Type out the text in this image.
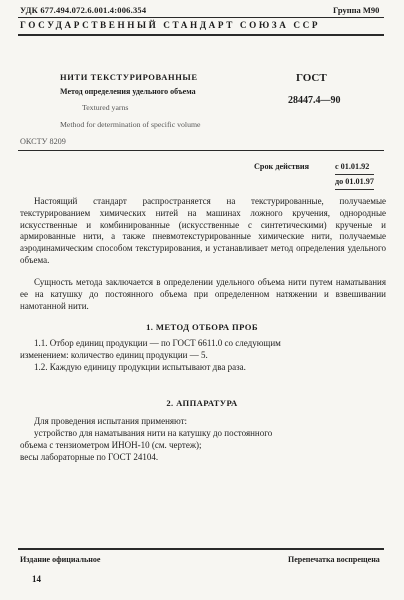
УДК 677.494.072.6.001.4:006.354	Группа М90
ГОСУДАРСТВЕННЫЙ СТАНДАРТ СОЮЗА ССР
НИТИ ТЕКСТУРИРОВАННЫЕ
Метод определения удельного объема
Textured yarns
Method for determination of specific volume
ГОСТ
28447.4—90
ОКСТУ 8209
Срок действия	с 01.01.92
до 01.01.97
Настоящий стандарт распространяется на текстурированные, получаемые текстурированием химических нитей на машинах ложного кручения, однородные искусственные и комбинированные (искусственные с синтетическими) крученые и армированные нити, а также пневмотекстурированные химические нити, получаемые аэродинамическим способом текстурирования, и устанавливает метод определения удельного объема.
Сущность метода заключается в определении удельного объема нити путем наматывания ее на катушку до постоянного объема при определенном натяжении и взвешивании намотанной нити.
1. МЕТОД ОТБОРА ПРОБ
1.1. Отбор единиц продукции — по ГОСТ 6611.0 со следующим
изменением: количество единиц продукции — 5.
1.2. Каждую единицу продукции испытывают два раза.
2. АППАРАТУРА
Для проведения испытания применяют:
устройство для наматывания нити на катушку до постоянного
объема с тензиометром ИНОН-10 (см. чертеж);
весы лабораторные по ГОСТ 24104.
Издание официальное	Перепечатка воспрещена
14
